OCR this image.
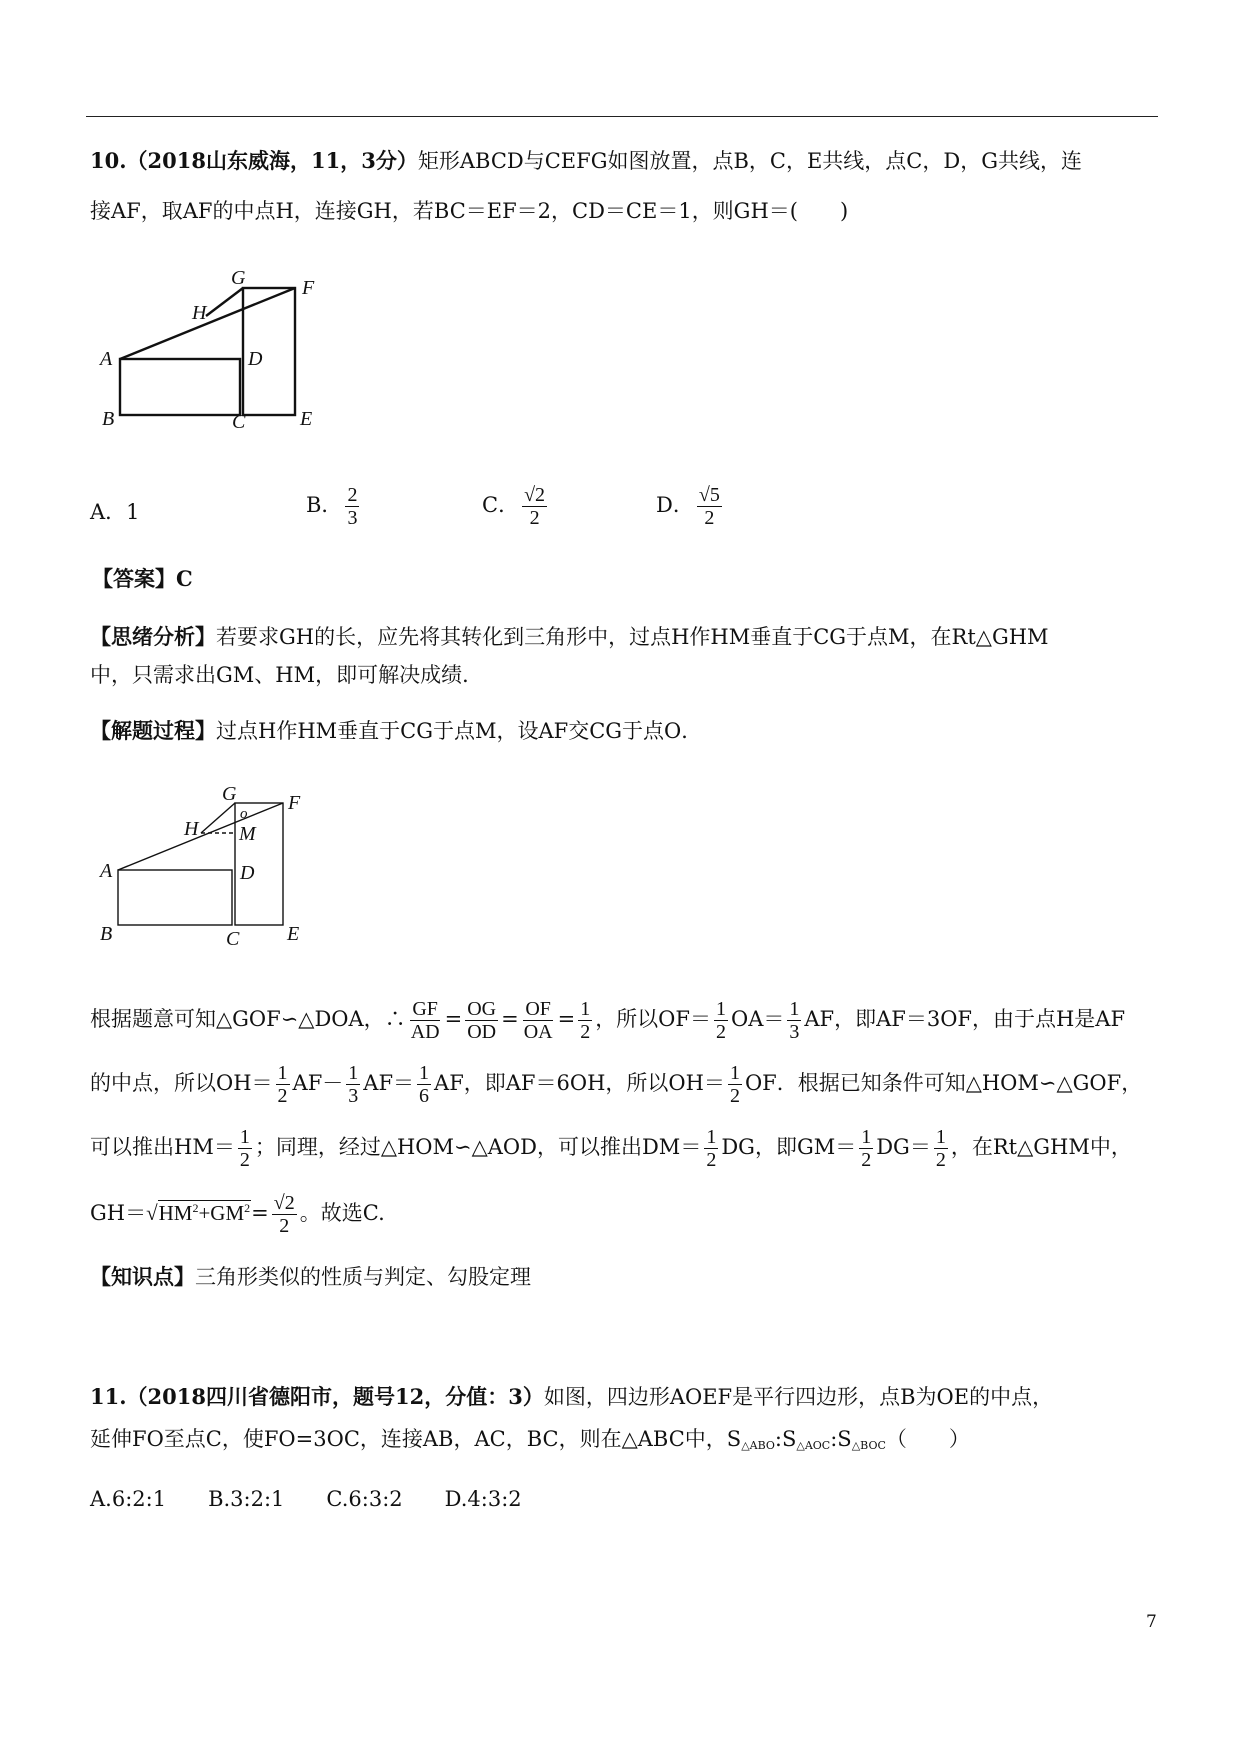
10.（2018山东威海，11，3分）矩形ABCD与CEFG如图放置，点B，C，E共线，点C，D，G共线，连
接AF，取AF的中点H，连接GH，若BC＝EF＝2，CD＝CE＝1，则GH＝(　　)
A
B	C
D
E
F
G
H
A．1	B． $\frac{2}{3}$	C． $\frac{√2}{2}$	D． $\frac{√5}{2}$
【答案】C
【思绪分析】若要求GH的长，应先将其转化到三角形中，过点H作HM垂直于CG于点M，在Rt△GHM
中，只需求出GM、HM，即可解决成绩．
【解题过程】过点H作HM垂直于CG于点M，设AF交CG于点O．
A
B	C
D
E
F
G
H M
o
根据题意可知△GOF∽△DOA，∴ $\frac{GF}{AD} = \frac{OG}{OD} = \frac{OF}{OA} = \frac{1}{2}$ ，所以$OF= \frac{1}{2} OA= \frac{1}{3}$ AF，即AF＝3OF，由于点H是AF
的中点，所以$OH= \frac{1}{2} AF- \frac{1}{3} AF= \frac{1}{6}$ AF，即AF＝6OH，所以$OH= \frac{1}{2}$ OF．根据已知条件可知△HOM∽△GOF，
可以推出$HM= \frac{1}{2}$ ；同理，经过△HOM∽△AOD，可以推出$DM= \frac{1}{2}$ DG，即$GM= \frac{1}{2} DG= \frac{1}{2}$ ，在Rt△GHM中，
$GH=√HM^2+GM^2= \frac{√2}{2}$ 。故选C.
【知识点】三角形类似的性质与判定、勾股定理
11.（2018四川省德阳市，题号12，分值：3）如图，四边形AOEF是平行四边形，点B为OE的中点，
延伸FO至点C，使FO=3OC，连接AB，AC，BC，则在△ABC中，$S_{\triangle ABO}:S_{\triangle AOC}:S_{\triangle BOC}$（　　）
A.6:2:1　　B.3:2:1　　C.6:3:2　　D.4:3:2
7
